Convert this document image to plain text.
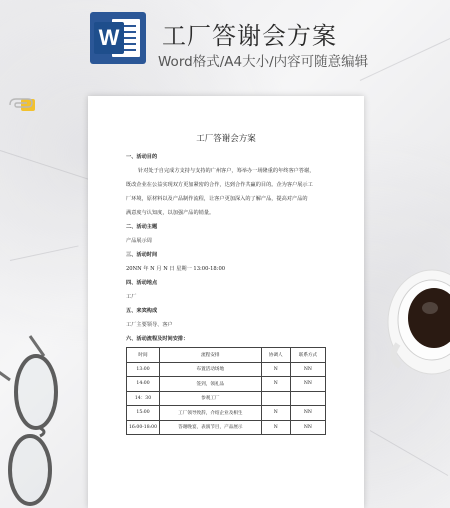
W 工厂答谢会方案
Word格式/A4大小/内容可随意编辑
工厂答谢会方案
一、活动目的
针对处于自完成方支持与支持的广州客户，筹举办一场隆重的年终客户答谢，
既改企业在公益实现双方更加紧密的合作，达到合作共赢的目的。企为客户展示工
厂环境，原材料以及产品制作流程，让客户更加深入的了解产品，提高对产品的
满意度与认知度，以加强产品的销量。
二、活动主题
产品展示周
三、活动时间
20NN 年 N 月 N 日 星期一 13:00-18:00
四、活动地点
工厂
五、来宾构成
工厂主要领导、客户
六、活动流程及时间安排：
时间	流程安排	协调人	联系方式
13:00	布置活动场地	N	NN
14:00	签到，领礼品	N	NN
14：30	参观工厂		
15:00	工厂领导致辞，介绍企业及相生	N	NN
16:00-18:00	答谢晚宴，表演节目，产品展示	N	NN
